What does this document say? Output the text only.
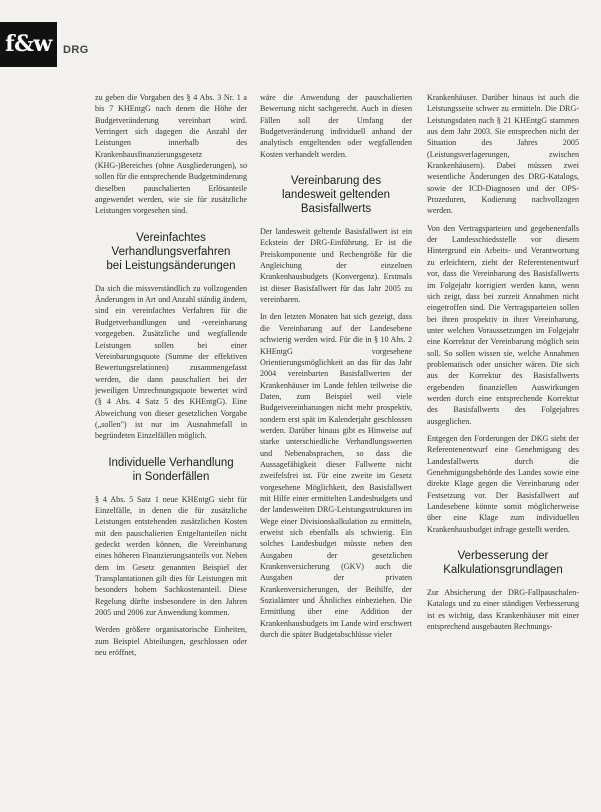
f&w	DRG

zu geben die Vorgaben des § 4 Abs. 3 Nr. 1 a bis 7 KHEntgG nach denen die Höhe der Budgetveränderung vereinbart wird. Verringert sich dagegen die Anzahl der Leistungen innerhalb des Krankenhausfinanzierungsgesetz (KHG-)Bereiches (ohne Ausgliederungen), so sollen für die entsprechende Budgetminderung dieselben pauschalierten Erlösanteile angewendet werden, wie sie für zusätzliche Leistungen vorgesehen sind.

Vereinfachtes
Verhandlungsverfahren
bei Leistungsänderungen

Da sich die missverständlich zu vollzogenden Änderungen in Art und Anzahl ständig ändern, sind ein vereinfachtes Verfahren für die Budgetverhandlungen und -vereinbarung vorgegeben. Zusätzliche und wegfallende Leistungen sollen bei einer Vereinbarungsquote (Summe der effektiven Bewertungsrelationen) zusammengefasst werden, die dann pauschaliert bei der jeweiligen Umrechnungsquote bewertet wird (§ 4 Abs. 4 Satz 5 des KHEntgG). Eine Abweichung von dieser gesetzlichen Vorgabe („sollen") ist nur im Ausnahmefall in begründeten Einzelfällen möglich.

Individuelle Verhandlung
in Sonderfällen

§ 4 Abs. 5 Satz 1 neue KHEntgG sieht für Einzelfälle, in denen die für zusätzliche Leistungen entstehenden zusätzlichen Kosten mit den pauschalierten Entgeltanteilen nicht gedeckt werden können, die Vereinbarung eines höheren Finanzierungsanteils vor. Neben dem im Gesetz genannten Beispiel der Transplantationen gilt dies für Leistungen mit besonders hohem Sachkostenanteil. Diese Regelung dürfte insbesondere in den Jahren 2005 und 2006 zur Anwendung kommen.

Werden größere organisatorische Einheiten, zum Beispiel Abteilungen, geschlossen oder neu eröffnet,

wäre die Anwendung der pauschalierten Bewertung nicht sachgerecht. Auch in diesen Fällen soll der Umfang der Budgetveränderung individuell anhand der analytisch entgeltenden oder wegfallenden Kosten verhandelt werden.

Vereinbarung des
landesweit geltenden
Basisfallwerts

Der landesweit geltende Basisfallwert ist ein Eckstein der DRG-Einführung. Er ist die Preiskomponente und Rechengröße für die Angleichung der einzelnen Krankenhausbudgets (Konvergenz). Erstmals ist dieser Basisfallwert für das Jahr 2005 zu vereinbaren.

In den letzten Monaten hat sich gezeigt, dass die Vereinbarung auf der Landesebene schwierig werden wird. Für die in § 10 Abs. 2 KHEntgG vorgesehene Orientierungsmöglichkeit an das für das Jahr 2004 vereinbarten Basisfallwerten der Krankenhäuser im Lande fehlen teilweise die Daten, zum Beispiel weil viele Budgetvereinbarungen nicht mehr prospektiv, sondern erst spät im Kalenderjahr geschlossen werden. Darüber hinaus gibt es Hinweise auf starke unterschiedliche Verhandlungswerten und Nebenabsprachen, so dass die Aussagefähigkeit dieser Fallwerte nicht zweifelsfrei ist. Für eine zweite im Gesetz vorgesehene Möglichkeit, den Basisfallwert mit Hilfe einer ermittelten Landesbudgets und der landesweiten DRG-Leistungsstrukturen im Wege einer Divisionskalkulation zu ermitteln, erweist sich ebenfalls als schwierig. Ein solches Landesbudget müsste neben den Ausgaben der gesetzlichen Krankenversicherung (GKV) auch die Ausgaben der privaten Krankenversicherungen, der Beihilfe, der Sozialämter und Ähnliches einbeziehen. Die Ermittlung über eine Addition der Krankenhausbudgets im Lande wird erschwert durch die später Budgetabschlüsse vieler

Krankenhäuser. Darüber hinaus ist auch die Leistungsseite schwer zu ermitteln. Die DRG-Leistungsdaten nach § 21 KHEntgG stammen aus dem Jahr 2003. Sie entsprechen nicht der Situation des Jahres 2005 (Leistungsverlagerungen, zwischen Krankenhäusern). Dabei müssen zwei wesentliche Änderungen des DRG-Katalogs, sowie der ICD-Diagnosen und der OPS-Prozeduren, Kodierung nachvollzogen werden.

Von den Vertragsparteien und gegebenenfalls der Landesschiedsstelle vor diesem Hintergrund ein Arbeits- und Verantwortung zu erleichtern, zieht der Referentenentwurf vor, dass die Vereinbarung des Basisfallwerts im Folgejahr korrigiert werden kann, wenn sich zeigt, dass bei zurzeit Annahmen nicht eingetroffen sind. Die Vertragsparteien sollen bei ihren prospektiv in ihrer Vereinbarung, unter welchen Voraussetzungen im Folgejahr eine Korrektur der Vereinbarung möglich sein soll. So sollen wissen sie, welche Annahmen problematisch oder unsicher wären. Die sich aus der Korrektur des Basisfallwerts ergebenden finanziellen Auswirkungen werden durch eine entsprechende Korrektur des Basisfallwerts des Folgejahres ausgeglichen.

Entgegen den Forderungen der DKG sieht der Referentenentwurf eine Genehmigung des Landesfallwerts durch die Genehmigungsbehörde des Landes sowie eine direkte Klage gegen die Vereinbarung oder Festsetzung vor. Der Basisfallwert auf Landesebene könnte somit möglicherweise über eine Klage zum individuellen Krankenhausbudget infrage gestellt werden.

Verbesserung der
Kalkulationsgrundlagen

Zur Absicherung der DRG-Fallpauschalen-Katalogs und zu einer ständigen Verbesserung ist es wichtig, dass Krankenhäuser mit einer entsprechend ausgebauten Rechnungs-
